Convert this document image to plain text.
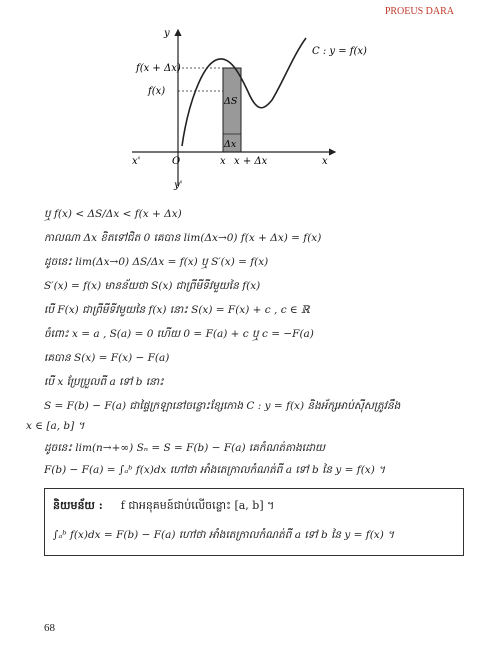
PROEUS DARA
y
C : y = f(x)
f(x + Δx)
f(x)
ΔS
Δx
x'	O	x x + Δx	x
y'
ឬ f(x) < ΔS/Δx < f(x + Δx)
កាលណា Δx ខិតទៅជិត 0 គេបាន lim(Δx→0) f(x + Δx) = f(x)
ដូចនេះ lim(Δx→0) ΔS/Δx = f(x) ឬ S′(x) = f(x)
S′(x) = f(x) មានន័យថា S(x) ជាព្រីមីទីវមួយនៃ f(x)
បើ F(x) ជាព្រីមីទីវមួយនៃ f(x) នោះ S(x) = F(x) + c , c ∈ ℝ
ចំពោះ x = a , S(a) = 0 ហើយ 0 = F(a) + c ឬ c = −F(a)
គេបាន S(x) = F(x) − F(a)
បើ x ប្រែប្រួលពី a ទៅ b នោះ
S = F(b) − F(a) ជាផ្ទៃក្រឡានៅចន្លោះខ្សែកោង C : y = f(x) និងអ័ក្សអាប់ស៊ីសត្រូវនឹង
x ∈ [a, b] ។
ដូចនេះ lim(n→+∞) Sₙ = S = F(b) − F(a) គេកំណត់តាងដោយ
F(b) − F(a) = ∫ₐᵇ f(x)dx ហៅថា អាំងតេក្រាលកំណត់ពី a ទៅ b នៃ y = f(x) ។
និយមន័យ : f ជាអនុគមន៍ជាប់លើចន្លោះ [a, b] ។
∫ₐᵇ f(x)dx = F(b) − F(a) ហៅថា អាំងតេក្រាលកំណត់ពី a ទៅ b នៃ y = f(x) ។
68
